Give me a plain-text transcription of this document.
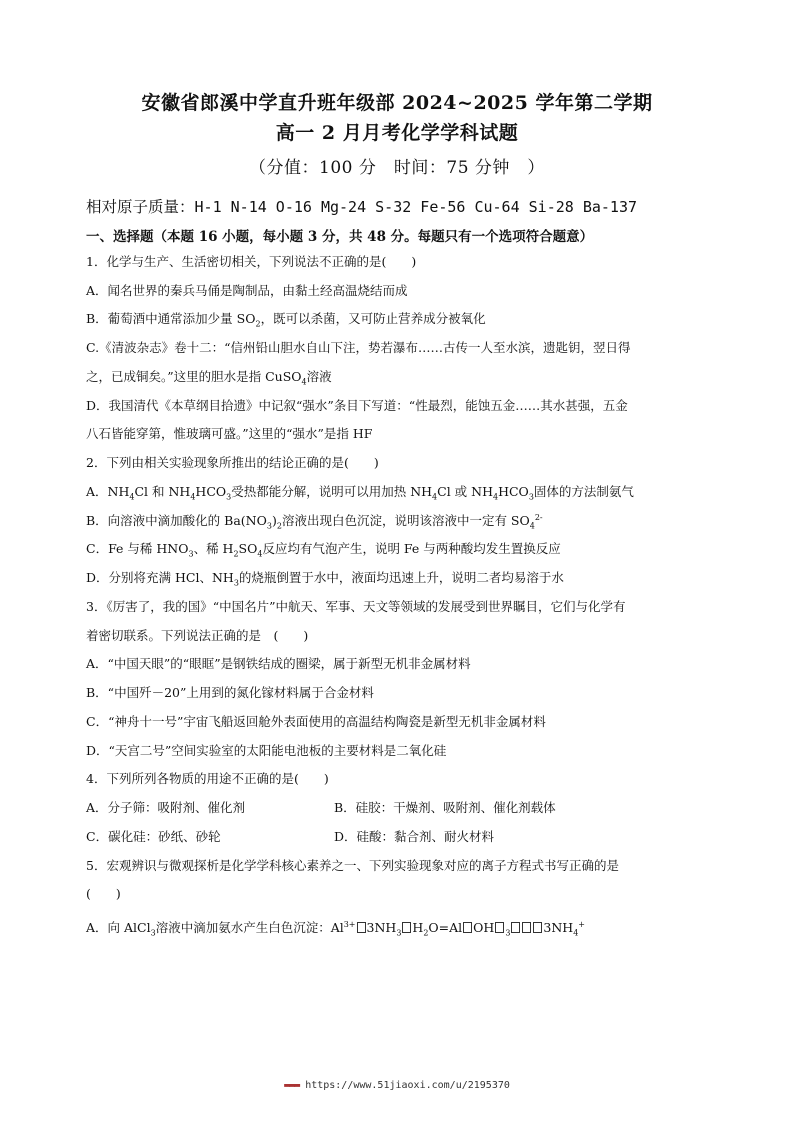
安徽省郎溪中学直升班年级部 2024~2025 学年第二学期
高一 2 月月考化学学科试题
（分值：100 分　时间：75 分钟　）
相对原子质量：H-1 N-14 O-16 Mg-24 S-32 Fe-56 Cu-64 Si-28 Ba-137
一、选择题（本题 16 小题，每小题 3 分，共 48 分。每题只有一个选项符合题意）
1．化学与生产、生活密切相关，下列说法不正确的是(　　)
A．闻名世界的秦兵马俑是陶制品，由黏土经高温烧结而成
B．葡萄酒中通常添加少量 $SO_2$，既可以杀菌，又可防止营养成分被氧化
C.《清波杂志》卷十二：“信州铅山胆水自山下注，势若瀑布……古传一人至水滨，遗匙钥，翌日得
之，已成铜矣。”这里的胆水是指 CuSO$_4$溶液
D．我国清代《本草纲目拾遗》中记叙“强水”条目下写道：“性最烈，能蚀五金……其水甚强，五金
八石皆能穿第，惟玻璃可盛。”这里的“强水”是指 HF
2．下列由相关实验现象所推出的结论正确的是(　　)
A．$NH_4Cl$ 和 $NH_4HCO_3$受热都能分解，说明可以用加热 $NH_4Cl$ 或 $NH_4HCO_3$固体的方法制氨气
B．向溶液中滴加酸化的 $Ba(NO_3)_2$溶液出现白色沉淀，说明该溶液中一定有 $SO_4^{2-}$
C．Fe 与稀 $HNO_3$、稀 $H_2SO_4$反应均有气泡产生，说明 Fe 与两种酸均发生置换反应
D．分别将充满 HCl、$NH_3$的烧瓶倒置于水中，液面均迅速上升，说明二者均易溶于水
3．《厉害了，我的国》“中国名片”中航天、军事、天文等领域的发展受到世界瞩目，它们与化学有
着密切联系。下列说法正确的是　(　　)
A．“中国天眼”的“眼眶”是钢铁结成的圈梁，属于新型无机非金属材料
B．“中国歼－20”上用到的氮化镓材料属于合金材料
C．“神舟十一号”宇宙飞船返回舱外表面使用的高温结构陶瓷是新型无机非金属材料
D．“天宫二号”空间实验室的太阳能电池板的主要材料是二氧化硅
4．下列所列各物质的用途不正确的是(　　)
A．分子筛：吸附剂、催化剂	B．硅胶：干燥剂、吸附剂、催化剂载体
C．碳化硅：砂纸、砂轮	D．硅酸：黏合剂、耐火材料
5．宏观辨识与微观探析是化学学科核心素养之一、下列实验现象对应的离子方程式书写正确的是
(　　)
A．向 AlCl$_3$溶液中滴加氨水产生白色沉淀：$Al^{3+}$ $3NH_3$ $H_2O=Al$ OH $_3$	$3NH_4^+$
▬▬▬ https://www.51jiaoxi.com/u/2195370
